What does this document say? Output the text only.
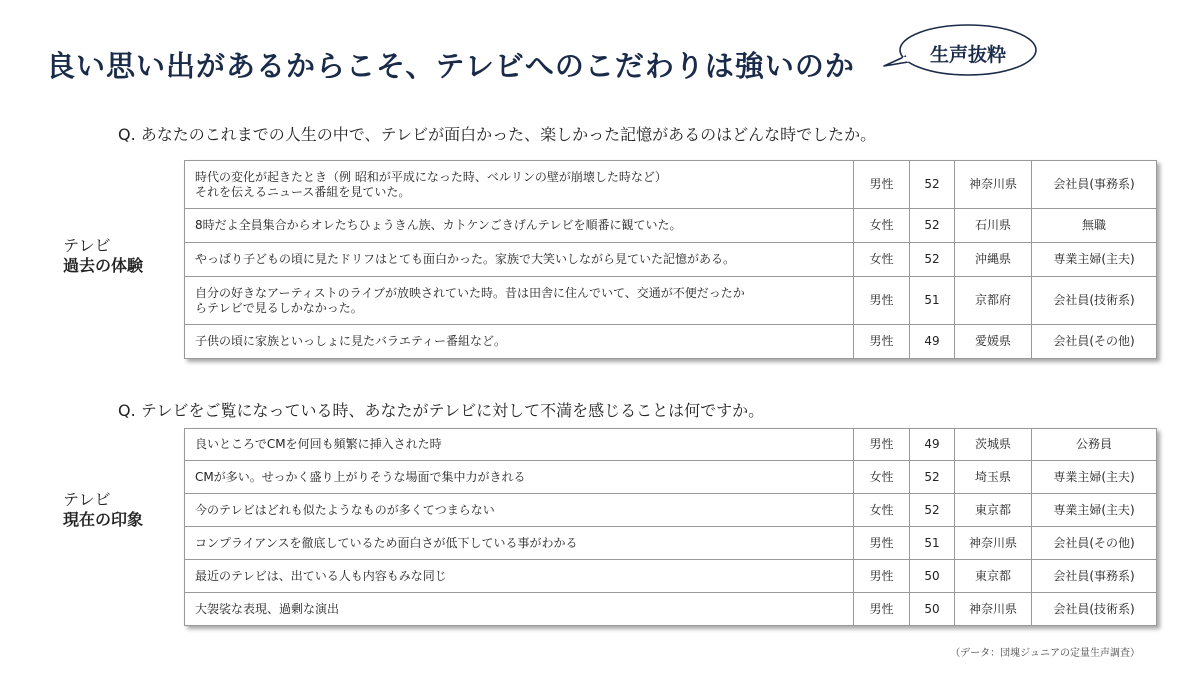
良い思い出があるからこそ、テレビへのこだわりは強いのか	生声抜粋
Q. あなたのこれまでの人生の中で、テレビが面白かった、楽しかった記憶があるのはどんな時でしたか。
テレビ
過去の体験
時代の変化が起きたとき（例 昭和が平成になった時、ベルリンの壁が崩壊した時など）
それを伝えるニュース番組を見ていた。	男性	52	神奈川県	会社員(事務系)
8時だよ全員集合からオレたちひょうきん族、カトケンごきげんテレビを順番に観ていた。	女性	52	石川県	無職
やっぱり子どもの頃に見たドリフはとても面白かった。家族で大笑いしながら見ていた記憶がある。	女性	52	沖縄県	専業主婦(主夫)
自分の好きなアーティストのライブが放映されていた時。昔は田舎に住んでいて、交通が不便だったか
らテレビで見るしかなかった。	男性	51	京都府	会社員(技術系)
子供の頃に家族といっしょに見たバラエティー番組など。	男性	49	愛媛県	会社員(その他)
Q. テレビをご覧になっている時、あなたがテレビに対して不満を感じることは何ですか。
テレビ
現在の印象
良いところでCMを何回も頻繁に挿入された時	男性	49	茨城県	公務員
CMが多い。せっかく盛り上がりそうな場面で集中力がきれる	女性	52	埼玉県	専業主婦(主夫)
今のテレビはどれも似たようなものが多くてつまらない	女性	52	東京都	専業主婦(主夫)
コンプライアンスを徹底しているため面白さが低下している事がわかる	男性	51	神奈川県	会社員(その他)
最近のテレビは、出ている人も内容もみな同じ	男性	50	東京都	会社員(事務系)
大袈裟な表現、過剰な演出	男性	50	神奈川県	会社員(技術系)
（データ：団塊ジュニアの定量生声調査）
